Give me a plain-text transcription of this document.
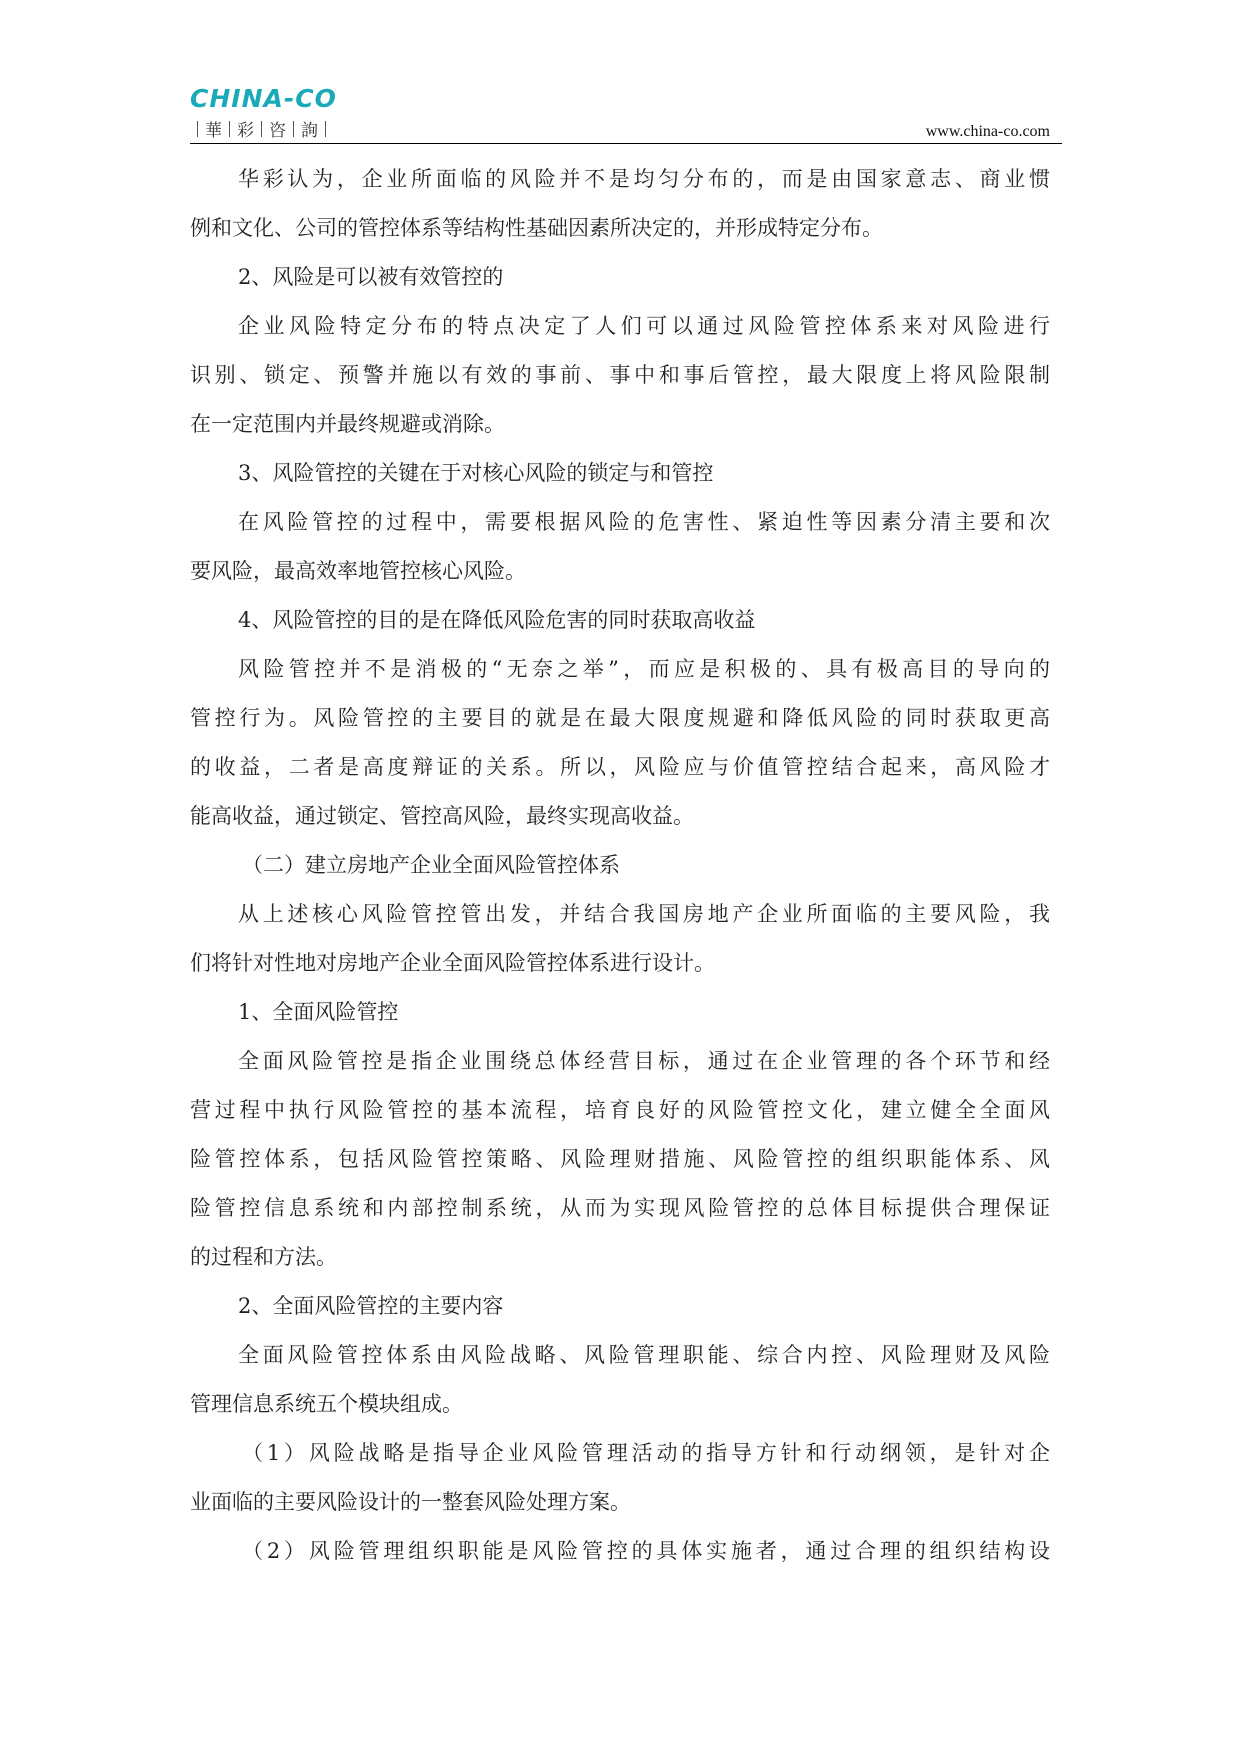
CHINA-CO
華 彩 咨 詢	www.china-co.com
华彩认为，企业所面临的风险并不是均匀分布的，而是由国家意志、商业惯
例和文化、公司的管控体系等结构性基础因素所决定的，并形成特定分布。
2、风险是可以被有效管控的
企业风险特定分布的特点决定了人们可以通过风险管控体系来对风险进行
识别、锁定、预警并施以有效的事前、事中和事后管控，最大限度上将风险限制
在一定范围内并最终规避或消除。
3、风险管控的关键在于对核心风险的锁定与和管控
在风险管控的过程中，需要根据风险的危害性、紧迫性等因素分清主要和次
要风险，最高效率地管控核心风险。
4、风险管控的目的是在降低风险危害的同时获取高收益
风险管控并不是消极的“无奈之举”，而应是积极的、具有极高目的导向的
管控行为。风险管控的主要目的就是在最大限度规避和降低风险的同时获取更高
的收益，二者是高度辩证的关系。所以，风险应与价值管控结合起来，高风险才
能高收益，通过锁定、管控高风险，最终实现高收益。
（二）建立房地产企业全面风险管控体系
从上述核心风险管控管出发，并结合我国房地产企业所面临的主要风险，我
们将针对性地对房地产企业全面风险管控体系进行设计。
1、全面风险管控
全面风险管控是指企业围绕总体经营目标，通过在企业管理的各个环节和经
营过程中执行风险管控的基本流程，培育良好的风险管控文化，建立健全全面风
险管控体系，包括风险管控策略、风险理财措施、风险管控的组织职能体系、风
险管控信息系统和内部控制系统，从而为实现风险管控的总体目标提供合理保证
的过程和方法。
2、全面风险管控的主要内容
全面风险管控体系由风险战略、风险管理职能、综合内控、风险理财及风险
管理信息系统五个模块组成。
（1）风险战略是指导企业风险管理活动的指导方针和行动纲领，是针对企
业面临的主要风险设计的一整套风险处理方案。
（2）风险管理组织职能是风险管控的具体实施者，通过合理的组织结构设
